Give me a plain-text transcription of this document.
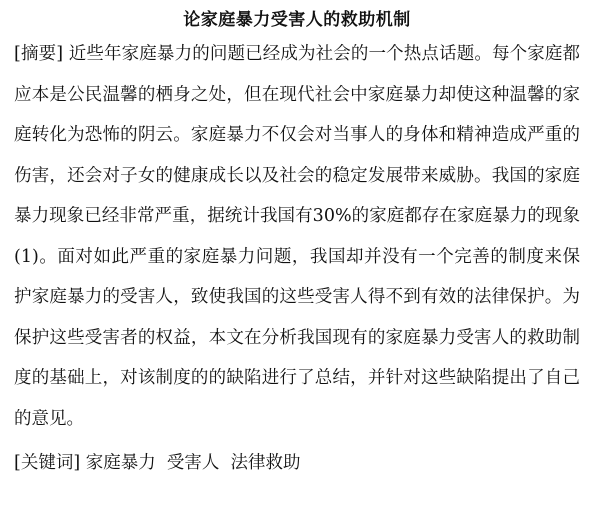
论家庭暴力受害人的救助机制

[摘要] 近些年家庭暴力的问题已经成为社会的一个热点话题。每个家庭都应本是公民温馨的栖身之处，但在现代社会中家庭暴力却使这种温馨的家庭转化为恐怖的阴云。家庭暴力不仅会对当事人的身体和精神造成严重的伤害，还会对子女的健康成长以及社会的稳定发展带来威胁。我国的家庭暴力现象已经非常严重，据统计我国有30%的家庭都存在家庭暴力的现象(1)。面对如此严重的家庭暴力问题，我国却并没有一个完善的制度来保护家庭暴力的受害人，致使我国的这些受害人得不到有效的法律保护。为保护这些受害者的权益，本文在分析我国现有的家庭暴力受害人的救助制度的基础上，对该制度的的缺陷进行了总结，并针对这些缺陷提出了自己的意见。

[关键词] 家庭暴力  受害人  法律救助
